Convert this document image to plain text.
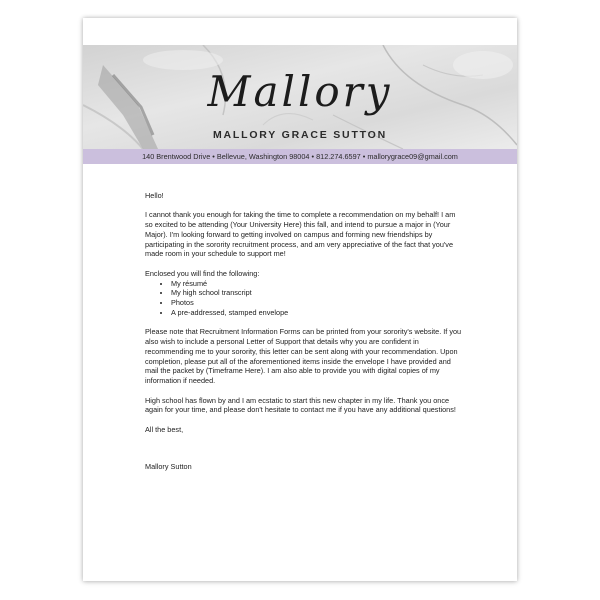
Mallory
MALLORY GRACE SUTTON
140 Brentwood Drive • Bellevue, Washington 98004 • 812.274.6597 • mallorygrace09@gmail.com

Hello!

I cannot thank you enough for taking the time to complete a recommendation on my behalf! I am so excited to be attending (Your University Here) this fall, and intend to pursue a major in (Your Major). I'm looking forward to getting involved on campus and forming new friendships by participating in the sorority recruitment process, and am very appreciative of the fact that you've made room in your schedule to support me!

Enclosed you will find the following:

• My résumé
• My high school transcript
• Photos
• A pre-addressed, stamped envelope

Please note that Recruitment Information Forms can be printed from your sorority's website. If you also wish to include a personal Letter of Support that details why you are confident in recommending me to your sorority, this letter can be sent along with your recommendation. Upon completion, please put all of the aforementioned items inside the envelope I have provided and mail the packet by (Timeframe Here). I am also able to provide you with digital copies of my information if needed.

High school has flown by and I am ecstatic to start this new chapter in my life. Thank you once again for your time, and please don't hesitate to contact me if you have any additional questions!

All the best,

Mallory Sutton
